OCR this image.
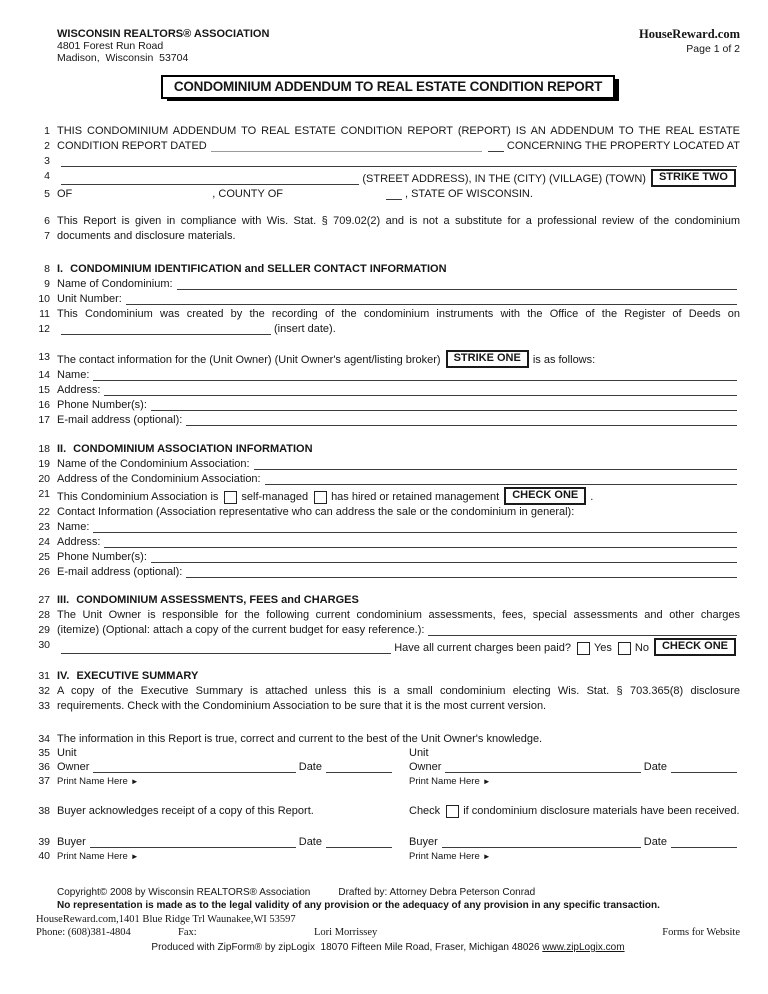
WISCONSIN REALTORS® ASSOCIATION
4801 Forest Run Road
Madison,  Wisconsin  53704
HouseReward.com
Page 1 of 2
CONDOMINIUM ADDENDUM TO REAL ESTATE CONDITION REPORT
1 THIS CONDOMINIUM ADDENDUM TO REAL ESTATE CONDITION REPORT (REPORT) IS AN ADDENDUM TO THE REAL ESTATE
2 CONDITION REPORT DATED	CONCERNING THE PROPERTY LOCATED AT
3
4	(STREET ADDRESS), IN THE (CITY) (VILLAGE) (TOWN)	STRIKE TWO
5 OF	, COUNTY OF	, STATE OF WISCONSIN.
6 This Report is given in compliance with Wis. Stat. § 709.02(2) and is not a substitute for a professional review of the condominium
7 documents and disclosure materials.
8 I. CONDOMINIUM IDENTIFICATION and SELLER CONTACT INFORMATION
9 Name of Condominium:
10 Unit Number:
11 This Condominium was created by the recording of the condominium instruments with the Office of the Register of Deeds on
12	(insert date).
13 The contact information for the (Unit Owner) (Unit Owner's agent/listing broker)	STRIKE ONE	is as follows:
14 Name:
15 Address:
16 Phone Number(s):
17 E-mail address (optional):
18 II. CONDOMINIUM ASSOCIATION INFORMATION
19 Name of the Condominium Association:
20 Address of the Condominium Association:
21 This Condominium Association is self-managed has hired or retained management	CHECK ONE	.
22 Contact Information (Association representative who can address the sale or the condominium in general):
23 Name:
24 Address:
25 Phone Number(s):
26 E-mail address (optional):
27 III. CONDOMINIUM ASSESSMENTS, FEES and CHARGES
28 The Unit Owner is responsible for the following current condominium assessments, fees, special assessments and other charges
29 (itemize) (Optional: attach a copy of the current budget for easy reference.):
30	Have all current charges been paid? Yes No	CHECK ONE
31 IV. EXECUTIVE SUMMARY
32 A copy of the Executive Summary is attached unless this is a small condominium electing Wis. Stat. § 703.365(8) disclosure
33 requirements. Check with the Condominium Association to be sure that it is the most current version.
34 The information in this Report is true, correct and current to the best of the Unit Owner's knowledge.
35 Unit	Unit
36 Owner	Date	Owner	Date
37 Print Name Here ►	Print Name Here ►
38 Buyer acknowledges receipt of a copy of this Report.	Check if condominium disclosure materials have been received.
39 Buyer	Date	Buyer	Date
40 Print Name Here ►	Print Name Here ►
Copyright© 2008 by Wisconsin REALTORS® Association	Drafted by: Attorney Debra Peterson Conrad
No representation is made as to the legal validity of any provision or the adequacy of any provision in any specific transaction.
HouseReward.com,1401 Blue Ridge Trl Waunakee,WI 53597
Phone: (608)381-4804	Fax:	Lori Morrissey	Forms for Website
Produced with ZipForm® by zipLogix  18070 Fifteen Mile Road, Fraser, Michigan 48026 www.zipLogix.com
